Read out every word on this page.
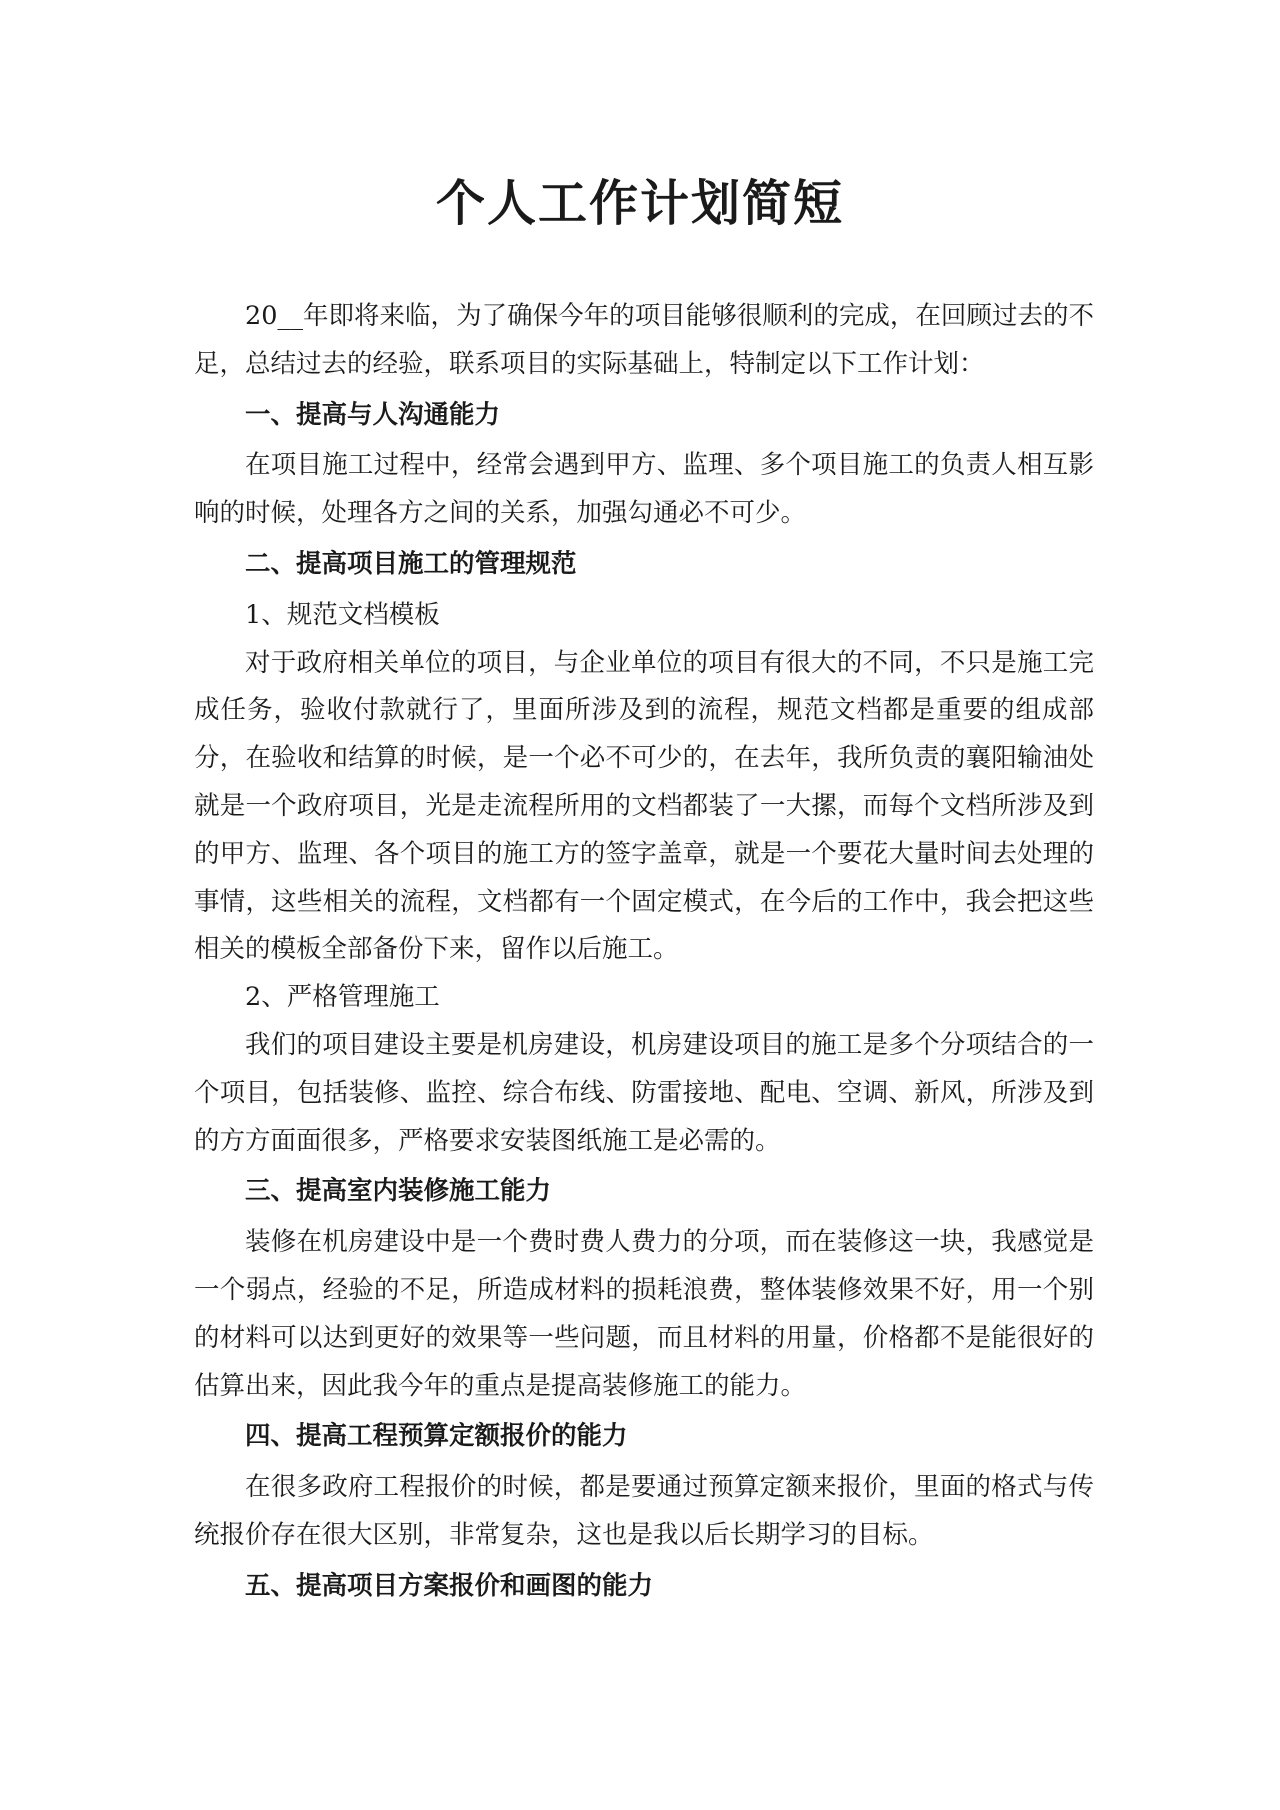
个人工作计划简短

20__年即将来临，为了确保今年的项目能够很顺利的完成，在回顾过去的不足，总结过去的经验，联系项目的实际基础上，特制定以下工作计划：

一、提高与人沟通能力

在项目施工过程中，经常会遇到甲方、监理、多个项目施工的负责人相互影响的时候，处理各方之间的关系，加强勾通必不可少。

二、提高项目施工的管理规范

1、规范文档模板

对于政府相关单位的项目，与企业单位的项目有很大的不同，不只是施工完成任务，验收付款就行了，里面所涉及到的流程，规范文档都是重要的组成部分，在验收和结算的时候，是一个必不可少的，在去年，我所负责的襄阳输油处就是一个政府项目，光是走流程所用的文档都装了一大摞，而每个文档所涉及到的甲方、监理、各个项目的施工方的签字盖章，就是一个要花大量时间去处理的事情，这些相关的流程，文档都有一个固定模式，在今后的工作中，我会把这些相关的模板全部备份下来，留作以后施工。

2、严格管理施工

我们的项目建设主要是机房建设，机房建设项目的施工是多个分项结合的一个项目，包括装修、监控、综合布线、防雷接地、配电、空调、新风，所涉及到的方方面面很多，严格要求安装图纸施工是必需的。

三、提高室内装修施工能力

装修在机房建设中是一个费时费人费力的分项，而在装修这一块，我感觉是一个弱点，经验的不足，所造成材料的损耗浪费，整体装修效果不好，用一个别的材料可以达到更好的效果等一些问题，而且材料的用量，价格都不是能很好的估算出来，因此我今年的重点是提高装修施工的能力。

四、提高工程预算定额报价的能力

在很多政府工程报价的时候，都是要通过预算定额来报价，里面的格式与传统报价存在很大区别，非常复杂，这也是我以后长期学习的目标。

五、提高项目方案报价和画图的能力
